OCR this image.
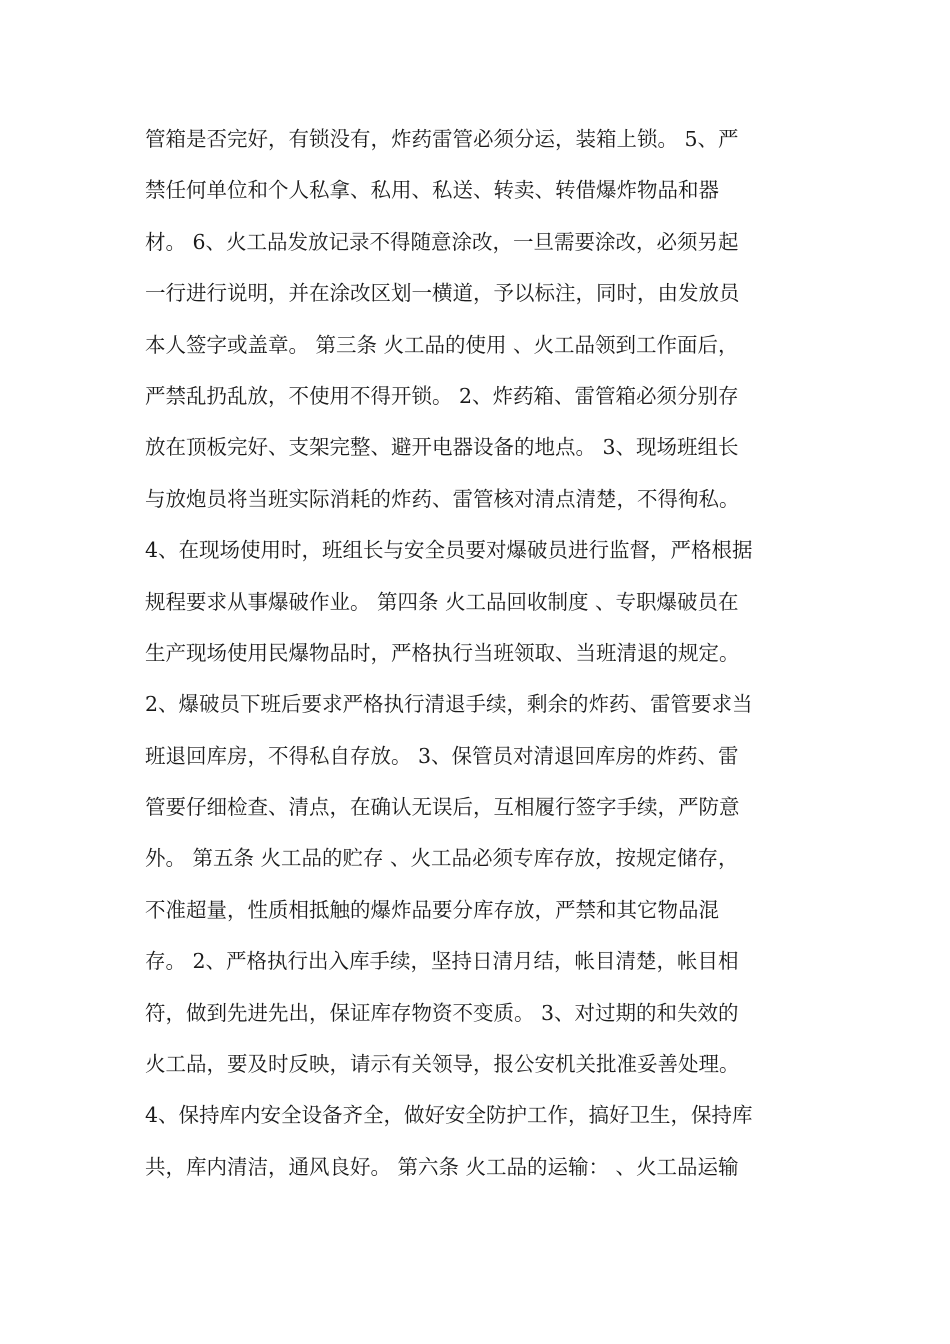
管箱是否完好，有锁没有，炸药雷管必须分运，装箱上锁。 5、严
禁任何单位和个人私拿、私用、私送、转卖、转借爆炸物品和器
材。 6、火工品发放记录不得随意涂改，一旦需要涂改，必须另起
一行进行说明，并在涂改区划一横道，予以标注，同时，由发放员
本人签字或盖章。 第三条 火工品的使用 、火工品领到工作面后，
严禁乱扔乱放，不使用不得开锁。 2、炸药箱、雷管箱必须分别存
放在顶板完好、支架完整、避开电器设备的地点。 3、现场班组长
与放炮员将当班实际消耗的炸药、雷管核对清点清楚，不得徇私。
4、在现场使用时，班组长与安全员要对爆破员进行监督，严格根据
规程要求从事爆破作业。 第四条 火工品回收制度 、专职爆破员在
生产现场使用民爆物品时，严格执行当班领取、当班清退的规定。
2、爆破员下班后要求严格执行清退手续，剩余的炸药、雷管要求当
班退回库房，不得私自存放。 3、保管员对清退回库房的炸药、雷
管要仔细检查、清点，在确认无误后，互相履行签字手续，严防意
外。 第五条 火工品的贮存 、火工品必须专库存放，按规定储存，
不准超量，性质相抵触的爆炸品要分库存放，严禁和其它物品混
存。 2、严格执行出入库手续，坚持日清月结，帐目清楚，帐目相
符，做到先进先出，保证库存物资不变质。 3、对过期的和失效的
火工品，要及时反映，请示有关领导，报公安机关批准妥善处理。
4、保持库内安全设备齐全，做好安全防护工作，搞好卫生，保持库
共，库内清洁，通风良好。 第六条 火工品的运输： 、火工品运输
